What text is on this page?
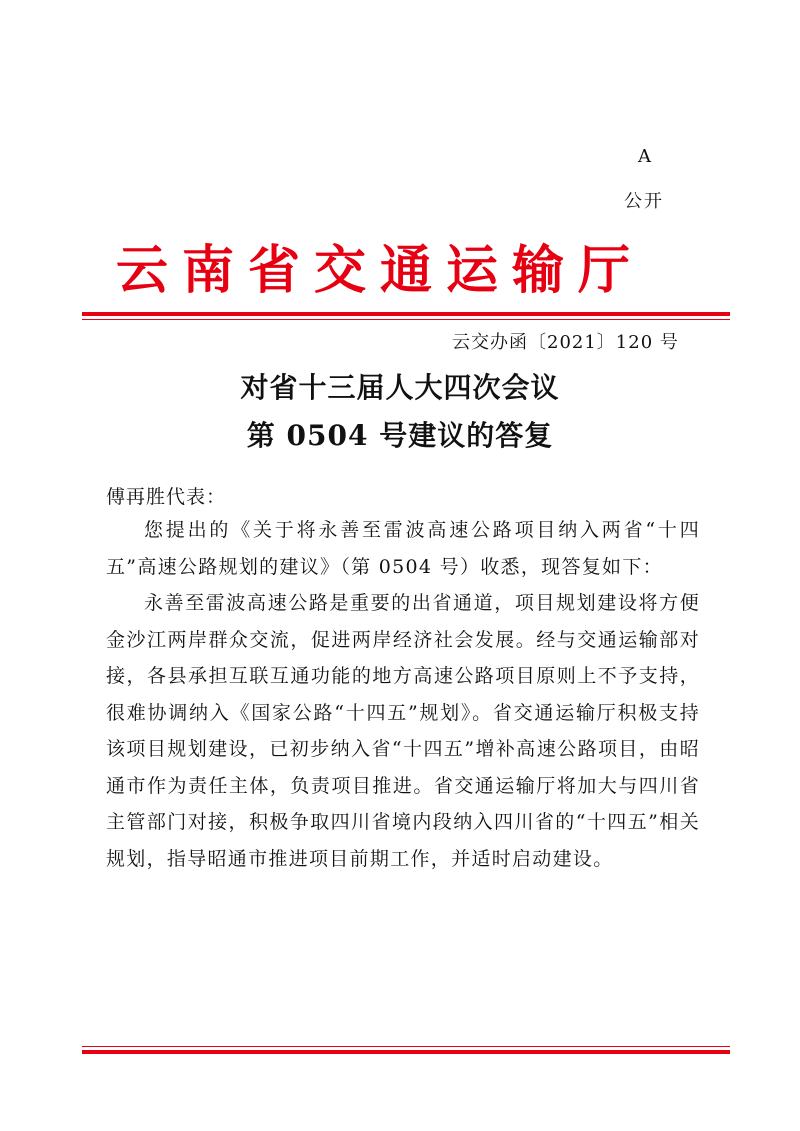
A
公开
云南省交通运输厅
云交办函〔2021〕120 号
对省十三届人大四次会议
第 0504 号建议的答复
傅再胜代表：
您提出的《关于将永善至雷波高速公路项目纳入两省“十四五”高速公路规划的建议》（第 0504 号）收悉，现答复如下：
永善至雷波高速公路是重要的出省通道，项目规划建设将方便金沙江两岸群众交流，促进两岸经济社会发展。经与交通运输部对接，各县承担互联互通功能的地方高速公路项目原则上不予支持，很难协调纳入《国家公路“十四五”规划》。省交通运输厅积极支持该项目规划建设，已初步纳入省“十四五”增补高速公路项目，由昭通市作为责任主体，负责项目推进。省交通运输厅将加大与四川省主管部门对接，积极争取四川省境内段纳入四川省的“十四五”相关规划，指导昭通市推进项目前期工作，并适时启动建设。
